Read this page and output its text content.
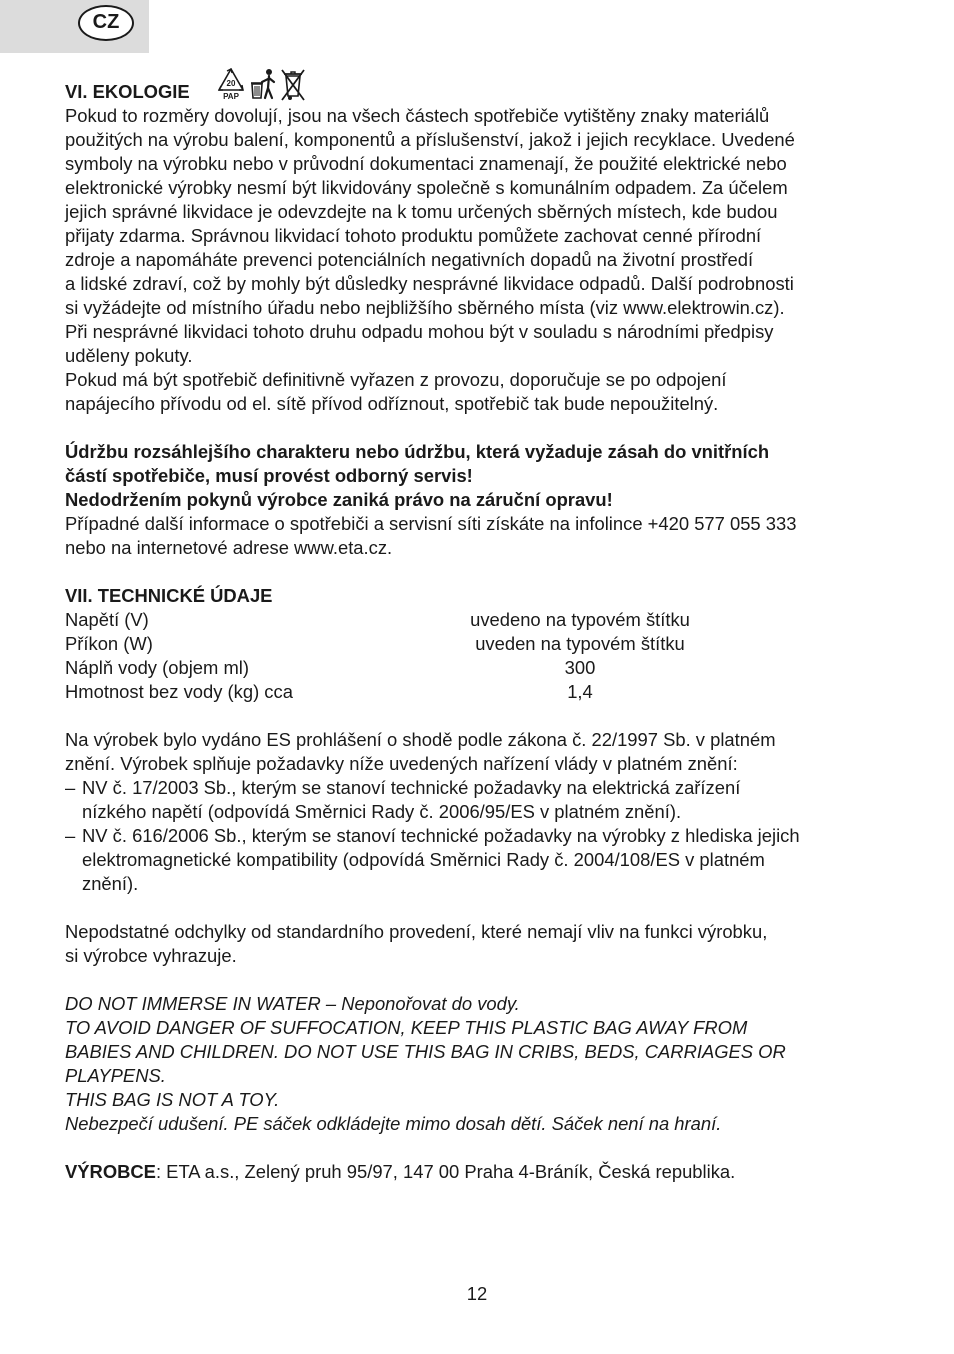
CZ
VI. EKOLOGIE	20
PAP

Pokud to rozměry dovolují, jsou na všech částech spotřebiče vytištěny znaky materiálů

použitých na výrobu balení, komponentů a příslušenství, jakož i jejich recyklace. Uvedené

symboly na výrobku nebo v průvodní dokumentaci znamenají, že použité elektrické nebo

elektronické výrobky nesmí být likvidovány společně s komunálním odpadem. Za účelem

jejich správné likvidace je odevzdejte na k tomu určených sběrných místech, kde budou

přijaty zdarma. Správnou likvidací tohoto produktu pomůžete zachovat cenné přírodní

zdroje a napomáháte prevenci potenciálních negativních dopadů na životní prostředí

a lidské zdraví, což by mohly být důsledky nesprávné likvidace odpadů. Další podrobnosti

si vyžádejte od místního úřadu nebo nejbližšího sběrného místa (viz www.elektrowin.cz).

Při nesprávné likvidaci tohoto druhu odpadu mohou být v souladu s národními předpisy

uděleny pokuty.

Pokud má být spotřebič definitivně vyřazen z provozu, doporučuje se po odpojení

napájecího přívodu od el. sítě přívod odříznout, spotřebič tak bude nepoužitelný.

Údržbu rozsáhlejšího charakteru nebo údržbu, která vyžaduje zásah do vnitřních

částí spotřebiče, musí provést odborný servis!

Nedodržením pokynů výrobce zaniká právo na záruční opravu!

Případné další informace o spotřebiči a servisní síti získáte na infolince +420 577 055 333

nebo na internetové adrese www.eta.cz.

VII. TECHNICKÉ ÚDAJE

Napětí (V)	uvedeno na typovém štítku
Příkon (W)	uveden na typovém štítku
Náplň vody (objem ml)	300
Hmotnost bez vody (kg) cca	1,4

Na výrobek bylo vydáno ES prohlášení o shodě podle zákona č. 22/1997 Sb. v platném

znění. Výrobek splňuje požadavky níže uvedených nařízení vlády v platném znění:

– NV č. 17/2003 Sb., kterým se stanoví technické požadavky na elektrická zařízení

nízkého napětí (odpovídá Směrnici Rady č. 2006/95/ES v platném znění).

– NV č. 616/2006 Sb., kterým se stanoví technické požadavky na výrobky z hlediska jejich

elektromagnetické kompatibility (odpovídá Směrnici Rady č. 2004/108/ES v platném

znění).

Nepodstatné odchylky od standardního provedení, které nemají vliv na funkci výrobku,

si výrobce vyhrazuje.

DO NOT IMMERSE IN WATER – Neponořovat do vody.

TO AVOID DANGER OF SUFFOCATION, KEEP THIS PLASTIC BAG AWAY FROM

BABIES AND CHILDREN. DO NOT USE THIS BAG IN CRIBS, BEDS, CARRIAGES OR

PLAYPENS.

THIS BAG IS NOT A TOY.

Nebezpečí udušení. PE sáček odkládejte mimo dosah dětí. Sáček není na hraní.

VÝROBCE: ETA a.s., Zelený pruh 95/97, 147 00 Praha 4-Bráník, Česká republika.

12
